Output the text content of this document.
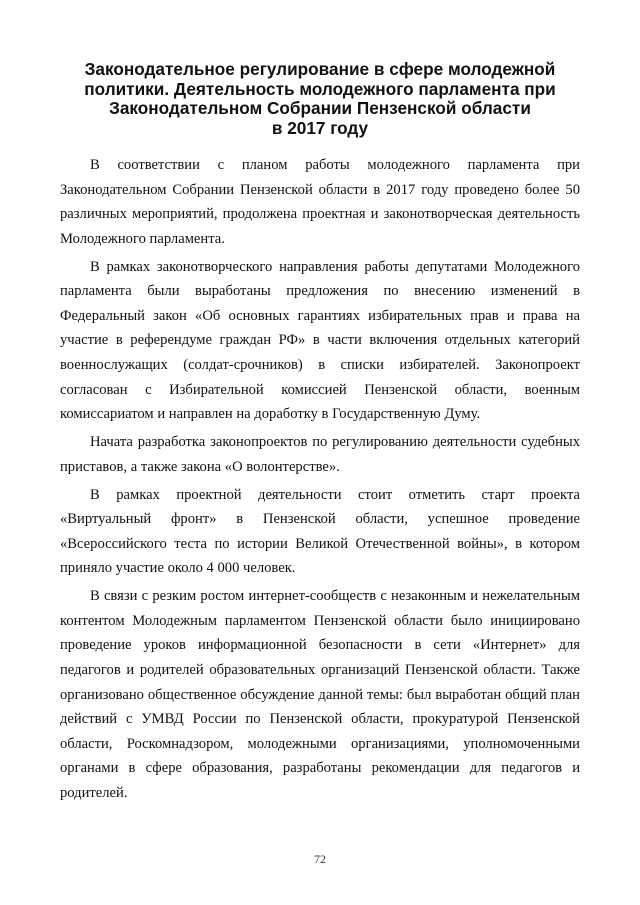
Законодательное регулирование в сфере молодежной
политики. Деятельность молодежного парламента при
Законодательном Собрании Пензенской области
в 2017 году

В соответствии с планом работы молодежного парламента при Законодательном Собрании Пензенской области в 2017 году проведено более 50 различных мероприятий, продолжена проектная и законотворческая деятельность Молодежного парламента.

В рамках законотворческого направления работы депутатами Молодежного парламента были выработаны предложения по внесению изменений в Федеральный закон «Об основных гарантиях избирательных прав и права на участие в референдуме граждан РФ» в части включения отдельных категорий военнослужащих (солдат-срочников) в списки избирателей. Законопроект согласован с Избирательной комиссией Пензенской области, военным комиссариатом и направлен на доработку в Государственную Думу.

Начата разработка законопроектов по регулированию деятельности судебных приставов, а также закона «О волонтерстве».

В рамках проектной деятельности стоит отметить старт проекта «Виртуальный фронт» в Пензенской области, успешное проведение «Всероссийского теста по истории Великой Отечественной войны», в котором приняло участие около 4 000 человек.

В связи с резким ростом интернет-сообществ с незаконным и нежелательным контентом Молодежным парламентом Пензенской области было инициировано проведение уроков информационной безопасности в сети «Интернет» для педагогов и родителей образовательных организаций Пензенской области. Также организовано общественное обсуждение данной темы: был выработан общий план действий с УМВД России по Пензенской области, прокуратурой Пензенской области, Роскомнадзором, молодежными организациями, уполномоченными органами в сфере образования, разработаны рекомендации для педагогов и родителей.

72
